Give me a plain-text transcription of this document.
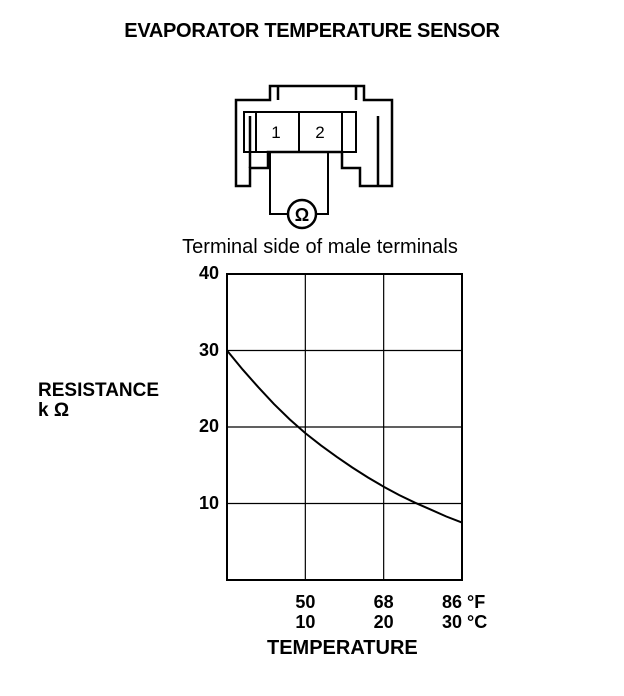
EVAPORATOR TEMPERATURE SENSOR
1 2
Ω
Terminal side of male terminals
RESISTANCE
k Ω
10
20
30
40
50
10
68
20
86 °F
30 °C
TEMPERATURE
